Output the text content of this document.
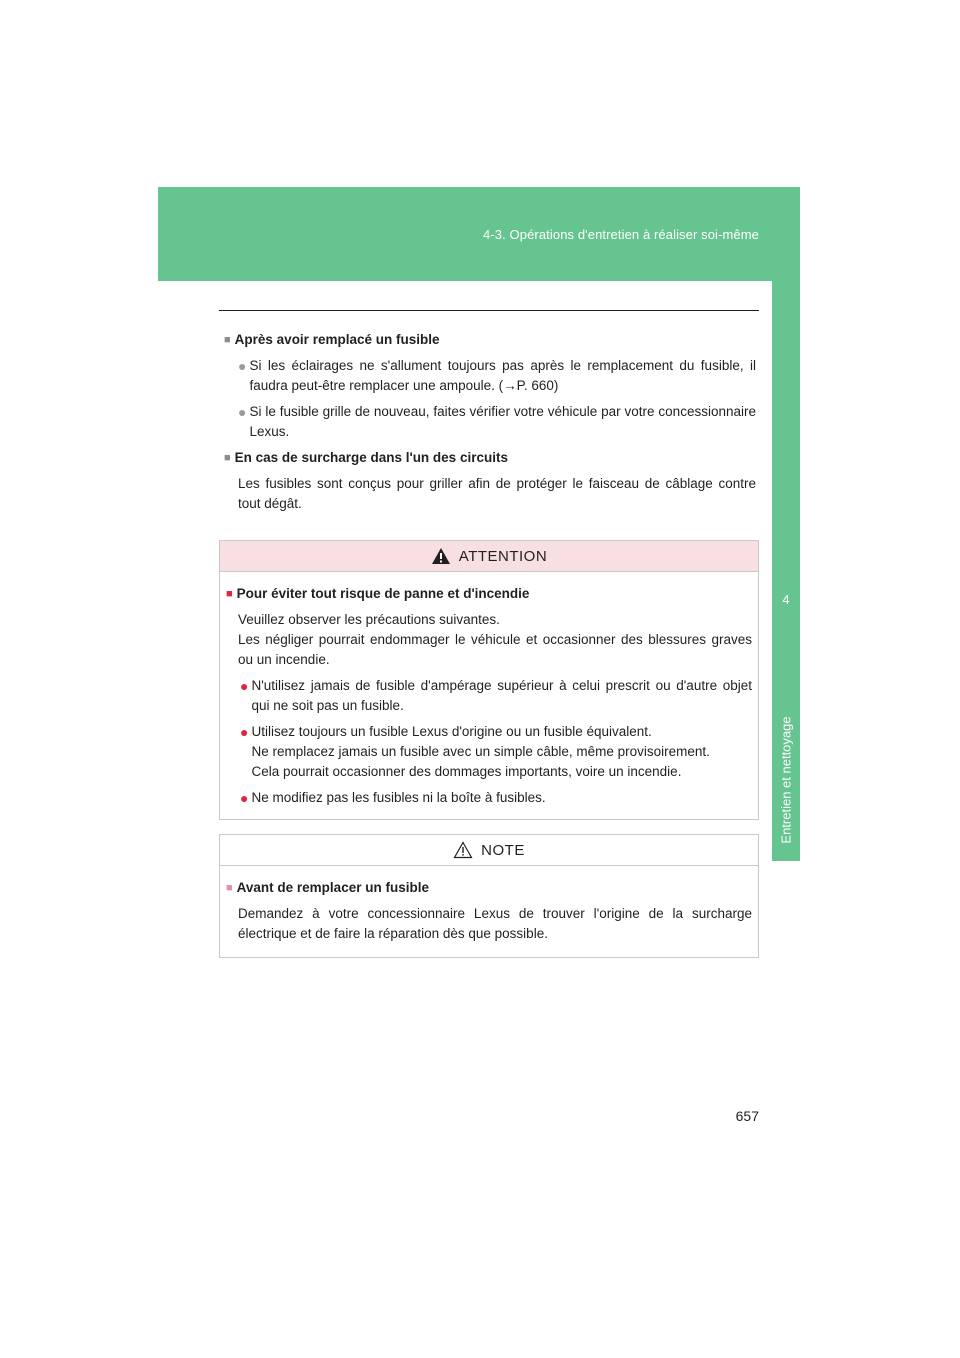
4-3. Opérations d'entretien à réaliser soi-même
4
Entretien et nettoyage
■ Après avoir remplacé un fusible
● Si les éclairages ne s'allument toujours pas après le remplacement du fusible, il faudra peut-être remplacer une ampoule. (→P. 660)
● Si le fusible grille de nouveau, faites vérifier votre véhicule par votre concessionnaire Lexus.
■ En cas de surcharge dans l'un des circuits
Les fusibles sont conçus pour griller afin de protéger le faisceau de câblage contre tout dégât.
ATTENTION
■ Pour éviter tout risque de panne et d'incendie
Veuillez observer les précautions suivantes.
Les négliger pourrait endommager le véhicule et occasionner des blessures graves ou un incendie.
● N'utilisez jamais de fusible d'ampérage supérieur à celui prescrit ou d'autre objet qui ne soit pas un fusible.
● Utilisez toujours un fusible Lexus d'origine ou un fusible équivalent.
Ne remplacez jamais un fusible avec un simple câble, même provisoirement.
Cela pourrait occasionner des dommages importants, voire un incendie.
● Ne modifiez pas les fusibles ni la boîte à fusibles.
NOTE
■ Avant de remplacer un fusible
Demandez à votre concessionnaire Lexus de trouver l'origine de la surcharge électrique et de faire la réparation dès que possible.
657
